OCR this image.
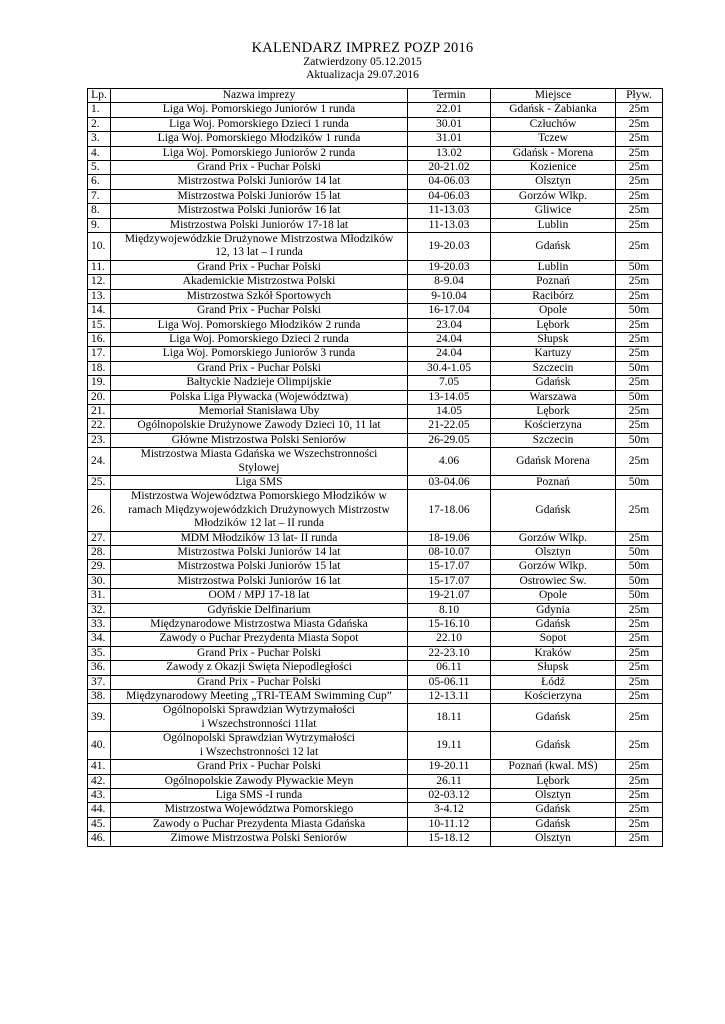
KALENDARZ IMPREZ POZP 2016
Zatwierdzony 05.12.2015
Aktualizacja 29.07.2016
Lp.	Nazwa imprezy	Termin	Miejsce	Pływ.
1.	Liga Woj. Pomorskiego Juniorów 1 runda	22.01	Gdańsk - Żabianka	25m
2.	Liga Woj. Pomorskiego Dzieci 1 runda	30.01	Człuchów	25m
3.	Liga Woj. Pomorskiego Młodzików 1 runda	31.01	Tczew	25m
4.	Liga Woj. Pomorskiego Juniorów 2 runda	13.02	Gdańsk - Morena	25m
5.	Grand Prix - Puchar Polski	20-21.02	Kozienice	25m
6.	Mistrzostwa Polski Juniorów 14 lat	04-06.03	Olsztyn	25m
7.	Mistrzostwa Polski Juniorów 15 lat	04-06.03	Gorzów Wlkp.	25m
8.	Mistrzostwa Polski Juniorów 16 lat	11-13.03	Gliwice	25m
9.	Mistrzostwa Polski Juniorów 17-18 lat	11-13.03	Lublin	25m
10.	Międzywojewódzkie Drużynowe Mistrzostwa Młodzików
12, 13 lat – I runda	19-20.03	Gdańsk	25m
11.	Grand Prix - Puchar Polski	19-20.03	Lublin	50m
12.	Akademickie Mistrzostwa Polski	8-9.04	Poznań	25m
13.	Mistrzostwa Szkół Sportowych	9-10.04	Racibórz	25m
14.	Grand Prix - Puchar Polski	16-17.04	Opole	50m
15.	Liga Woj. Pomorskiego Młodzików 2 runda	23.04	Lębork	25m
16.	Liga Woj. Pomorskiego Dzieci 2 runda	24.04	Słupsk	25m
17.	Liga Woj. Pomorskiego Juniorów 3 runda	24.04	Kartuzy	25m
18.	Grand Prix - Puchar Polski	30.4-1.05	Szczecin	50m
19.	Bałtyckie Nadzieje Olimpijskie	7.05	Gdańsk	25m
20.	Polska Liga Pływacka (Województwa)	13-14.05	Warszawa	50m
21.	Memoriał Stanisława Uby	14.05	Lębork	25m
22.	Ogólnopolskie Drużynowe Zawody Dzieci 10, 11 lat	21-22.05	Kościerzyna	25m
23.	Główne Mistrzostwa Polski Seniorów	26-29.05	Szczecin	50m
24.	Mistrzostwa Miasta Gdańska we Wszechstronności
Stylowej	4.06	Gdańsk Morena	25m
25.	Liga SMS	03-04.06	Poznań	50m
26.	Mistrzostwa Województwa Pomorskiego Młodzików w
ramach Międzywojewódzkich Drużynowych Mistrzostw
Młodzików 12 lat – II runda	17-18.06	Gdańsk	25m
27.	MDM Młodzików 13 lat- II runda	18-19.06	Gorzów Wlkp.	25m
28.	Mistrzostwa Polski Juniorów 14 lat	08-10.07	Olsztyn	50m
29.	Mistrzostwa Polski Juniorów 15 lat	15-17.07	Gorzów Wlkp.	50m
30.	Mistrzostwa Polski Juniorów 16 lat	15-17.07	Ostrowiec Św.	50m
31.	OOM / MPJ 17-18 lat	19-21.07	Opole	50m
32.	Gdyńskie Delfinarium	8.10	Gdynia	25m
33.	Międzynarodowe Mistrzostwa Miasta Gdańska	15-16.10	Gdańsk	25m
34.	Zawody o Puchar Prezydenta Miasta Sopot	22.10	Sopot	25m
35.	Grand Prix - Puchar Polski	22-23.10	Kraków	25m
36.	Zawody z Okazji Święta Niepodległości	06.11	Słupsk	25m
37.	Grand Prix - Puchar Polski	05-06.11	Łódź	25m
38.	Międzynarodowy Meeting „TRI-TEAM Swimming Cup”	12-13.11	Kościerzyna	25m
39.	Ogólnopolski Sprawdzian Wytrzymałości
i Wszechstronności 11lat	18.11	Gdańsk	25m
40.	Ogólnopolski Sprawdzian Wytrzymałości
i Wszechstronności 12 lat	19.11	Gdańsk	25m
41.	Grand Prix - Puchar Polski	19-20.11	Poznań (kwal. MŚ)	25m
42.	Ogólnopolskie Zawody Pływackie Meyn	26.11	Lębork	25m
43.	Liga SMS -I runda	02-03.12	Olsztyn	25m
44.	Mistrzostwa Województwa Pomorskiego	3-4.12	Gdańsk	25m
45.	Zawody o Puchar Prezydenta Miasta Gdańska	10-11.12	Gdańsk	25m
46.	Zimowe Mistrzostwa Polski Seniorów	15-18.12	Olsztyn	25m
